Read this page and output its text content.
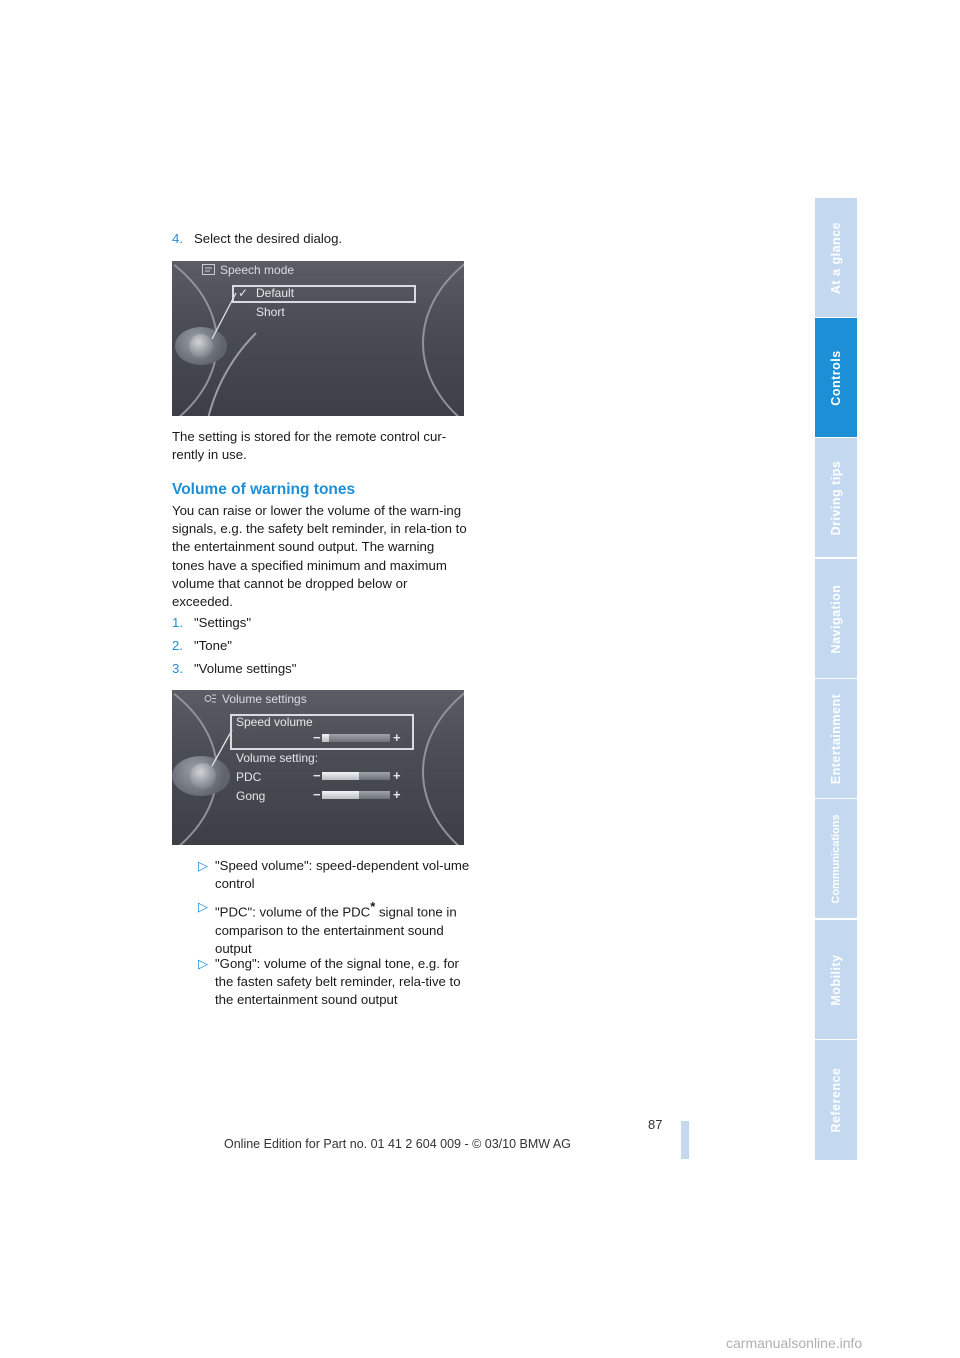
4. Select the desired dialog.
Speech mode
✓ Default
Short

The setting is stored for the remote control cur-rently in use.

Volume of warning tones

You can raise or lower the volume of the warn-ing signals, e.g. the safety belt reminder, in rela-tion to the entertainment sound output. The warning tones have a specified minimum and maximum volume that cannot be dropped below or exceeded.

1. "Settings"
2. "Tone"
3. "Volume settings"
Volume settings
Speed volume
−	+
Volume setting:
PDC	−	+
Gong	−	+
▷ "Speed volume": speed-dependent vol-ume control
▷ "PDC": volume of the PDC* signal tone in comparison to the entertainment sound output
▷ "Gong": volume of the signal tone, e.g. for the fasten safety belt reminder, rela-tive to the entertainment sound output
At a glance
Controls
Driving tips
Navigation
Entertainment
Communications
Mobility
Reference
87
Online Edition for Part no. 01 41 2 604 009 - © 03/10 BMW AG
carmanualsonline.info
